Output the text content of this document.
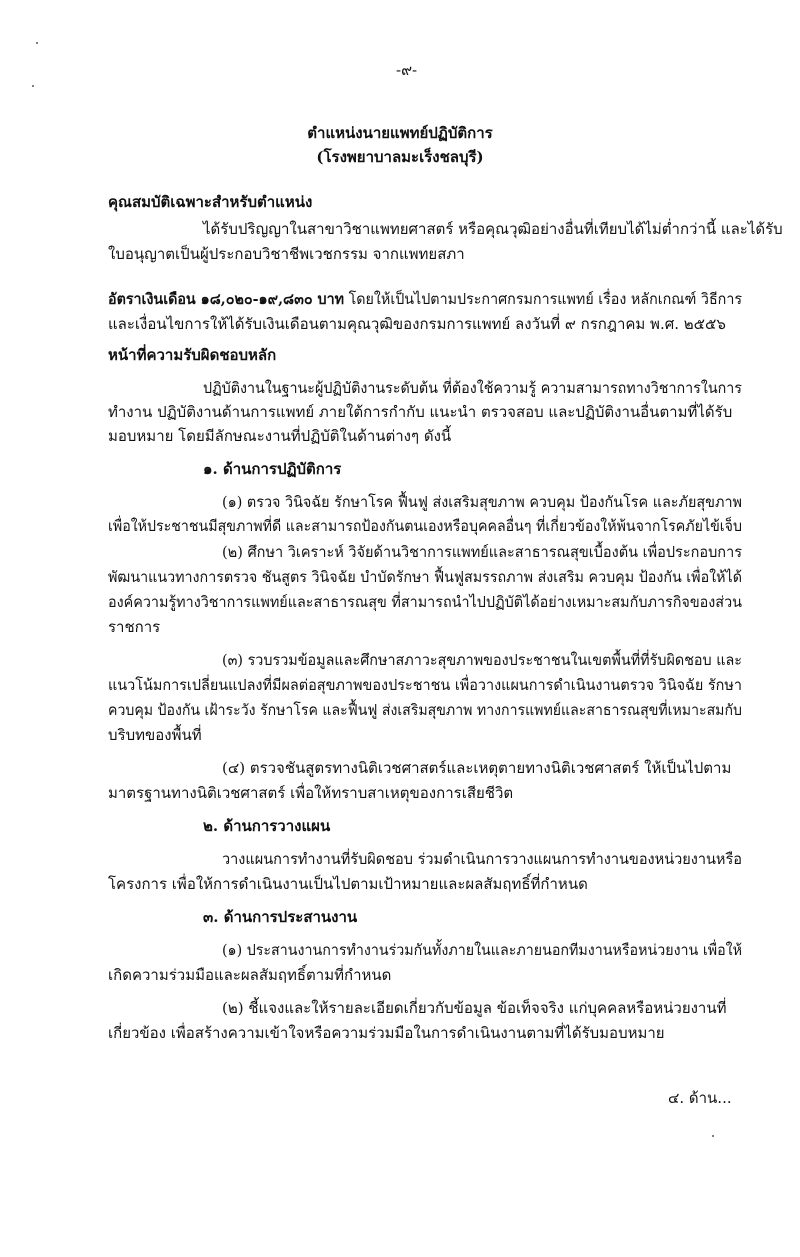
-๙-
ตำแหน่งนายแพทย์ปฏิบัติการ
(โรงพยาบาลมะเร็งชลบุรี)
คุณสมบัติเฉพาะสำหรับตำแหน่ง
ได้รับปริญญาในสาขาวิชาแพทยศาสตร์ หรือคุณวุฒิอย่างอื่นที่เทียบได้ไม่ต่ำกว่านี้ และได้รับ
ใบอนุญาตเป็นผู้ประกอบวิชาชีพเวชกรรม จากแพทยสภา
อัตราเงินเดือน ๑๘,๐๒๐-๑๙,๘๓๐ บาท โดยให้เป็นไปตามประกาศกรมการแพทย์ เรื่อง หลักเกณฑ์ วิธีการ
และเงื่อนไขการให้ได้รับเงินเดือนตามคุณวุฒิของกรมการแพทย์ ลงวันที่ ๙ กรกฎาคม พ.ศ. ๒๕๕๖
หน้าที่ความรับผิดชอบหลัก
ปฏิบัติงานในฐานะผู้ปฏิบัติงานระดับต้น ที่ต้องใช้ความรู้ ความสามารถทางวิชาการในการ
ทำงาน ปฏิบัติงานด้านการแพทย์ ภายใต้การกำกับ แนะนำ ตรวจสอบ และปฏิบัติงานอื่นตามที่ได้รับ
มอบหมาย โดยมีลักษณะงานที่ปฏิบัติในด้านต่างๆ ดังนี้
๑. ด้านการปฏิบัติการ
(๑) ตรวจ วินิจฉัย รักษาโรค ฟื้นฟู ส่งเสริมสุขภาพ ควบคุม ป้องกันโรค และภัยสุขภาพ
เพื่อให้ประชาชนมีสุขภาพที่ดี และสามารถป้องกันตนเองหรือบุคคลอื่นๆ ที่เกี่ยวข้องให้พ้นจากโรคภัยไข้เจ็บ
(๒) ศึกษา วิเคราะห์ วิจัยด้านวิชาการแพทย์และสาธารณสุขเบื้องต้น เพื่อประกอบการ
พัฒนาแนวทางการตรวจ ชันสูตร วินิจฉัย บำบัดรักษา ฟื้นฟูสมรรถภาพ ส่งเสริม ควบคุม ป้องกัน เพื่อให้ได้
องค์ความรู้ทางวิชาการแพทย์และสาธารณสุข ที่สามารถนำไปปฏิบัติได้อย่างเหมาะสมกับภารกิจของส่วน
ราชการ
(๓) รวบรวมข้อมูลและศึกษาสภาวะสุขภาพของประชาชนในเขตพื้นที่ที่รับผิดชอบ และ
แนวโน้มการเปลี่ยนแปลงที่มีผลต่อสุขภาพของประชาชน เพื่อวางแผนการดำเนินงานตรวจ วินิจฉัย รักษา
ควบคุม ป้องกัน เฝ้าระวัง รักษาโรค และฟื้นฟู ส่งเสริมสุขภาพ ทางการแพทย์และสาธารณสุขที่เหมาะสมกับ
บริบทของพื้นที่
(๔) ตรวจชันสูตรทางนิติเวชศาสตร์และเหตุตายทางนิติเวชศาสตร์ ให้เป็นไปตาม
มาตรฐานทางนิติเวชศาสตร์ เพื่อให้ทราบสาเหตุของการเสียชีวิต
๒. ด้านการวางแผน
วางแผนการทำงานที่รับผิดชอบ ร่วมดำเนินการวางแผนการทำงานของหน่วยงานหรือ
โครงการ เพื่อให้การดำเนินงานเป็นไปตามเป้าหมายและผลสัมฤทธิ์ที่กำหนด
๓. ด้านการประสานงาน
(๑) ประสานงานการทำงานร่วมกันทั้งภายในและภายนอกทีมงานหรือหน่วยงาน เพื่อให้
เกิดความร่วมมือและผลสัมฤทธิ์ตามที่กำหนด
(๒) ชี้แจงและให้รายละเอียดเกี่ยวกับข้อมูล ข้อเท็จจริง แก่บุคคลหรือหน่วยงานที่
เกี่ยวข้อง เพื่อสร้างความเข้าใจหรือความร่วมมือในการดำเนินงานตามที่ได้รับมอบหมาย
๔. ด้าน...
